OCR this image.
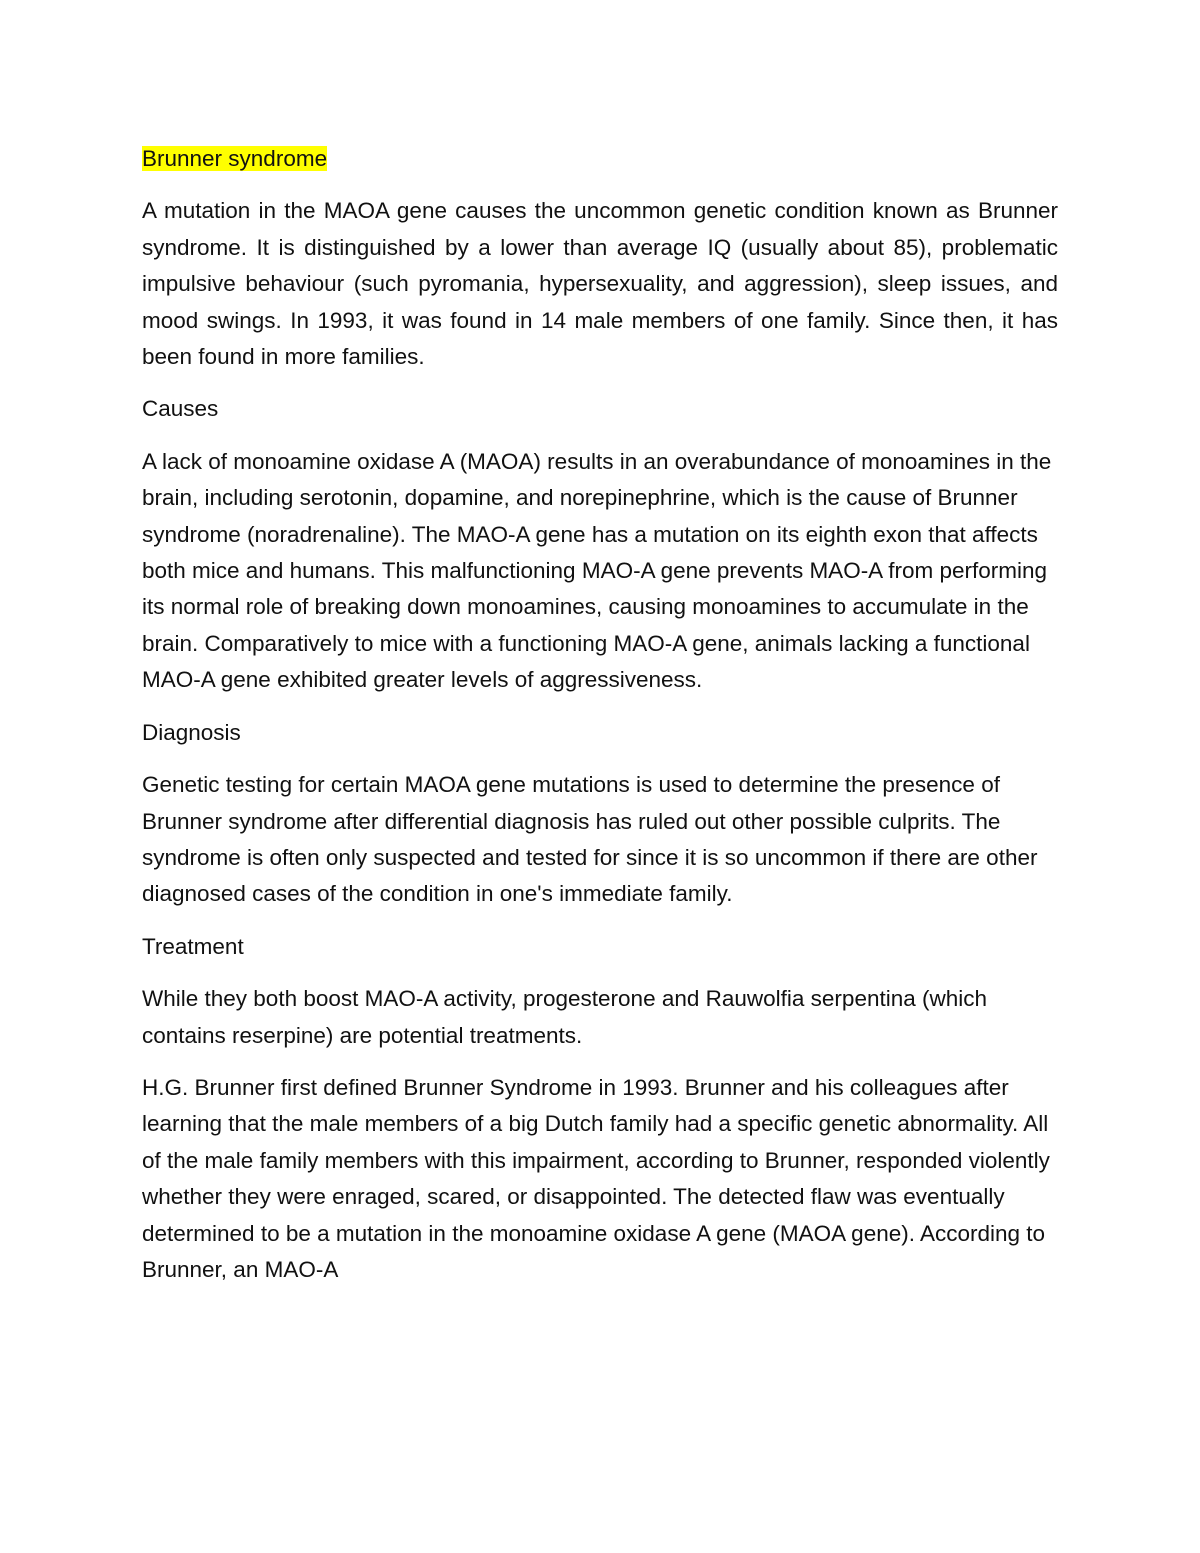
Brunner syndrome

A mutation in the MAOA gene causes the uncommon genetic condition known as Brunner syndrome. It is distinguished by a lower than average IQ (usually about 85), problematic impulsive behaviour (such pyromania, hypersexuality, and aggression), sleep issues, and mood swings. In 1993, it was found in 14 male members of one family. Since then, it has been found in more families.

Causes

A lack of monoamine oxidase A (MAOA) results in an overabundance of monoamines in the brain, including serotonin, dopamine, and norepinephrine, which is the cause of Brunner syndrome (noradrenaline). The MAO-A gene has a mutation on its eighth exon that affects both mice and humans. This malfunctioning MAO-A gene prevents MAO-A from performing its normal role of breaking down monoamines, causing monoamines to accumulate in the brain. Comparatively to mice with a functioning MAO-A gene, animals lacking a functional MAO-A gene exhibited greater levels of aggressiveness.

Diagnosis

Genetic testing for certain MAOA gene mutations is used to determine the presence of Brunner syndrome after differential diagnosis has ruled out other possible culprits. The syndrome is often only suspected and tested for since it is so uncommon if there are other diagnosed cases of the condition in one's immediate family.

Treatment

While they both boost MAO-A activity, progesterone and Rauwolfia serpentina (which contains reserpine) are potential treatments.

H.G. Brunner first defined Brunner Syndrome in 1993. Brunner and his colleagues after learning that the male members of a big Dutch family had a specific genetic abnormality. All of the male family members with this impairment, according to Brunner, responded violently whether they were enraged, scared, or disappointed. The detected flaw was eventually determined to be a mutation in the monoamine oxidase A gene (MAOA gene). According to Brunner, an MAO-A
